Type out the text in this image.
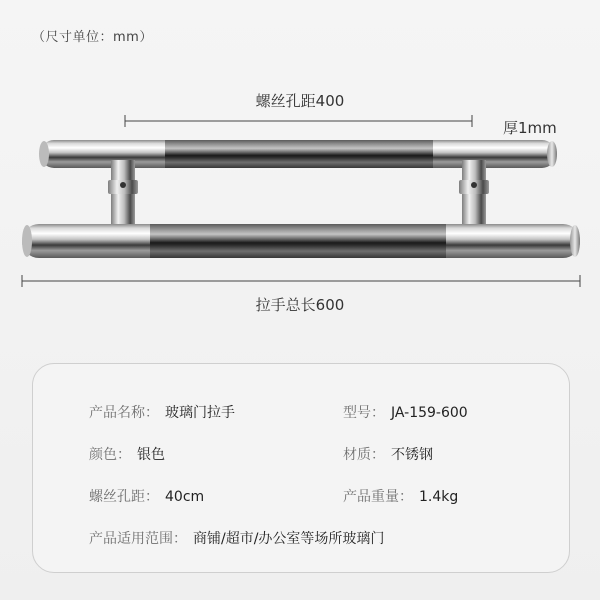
（尺寸单位：mm）
螺丝孔距400
厚1mm
拉手总长600
产品名称： 玻璃门拉手	型号： JA-159-600
颜色： 银色	材质： 不锈钢
螺丝孔距： 40cm	产品重量： 1.4kg
产品适用范围： 商铺/超市/办公室等场所玻璃门
